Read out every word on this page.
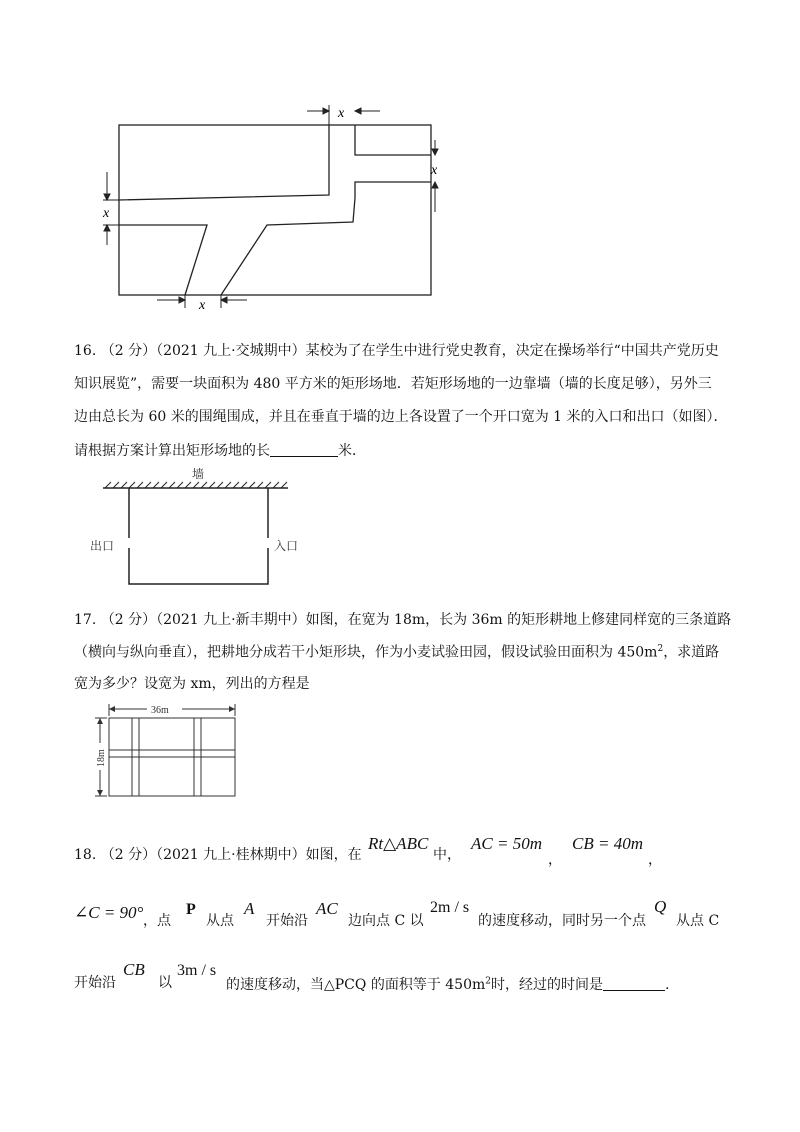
x
x
x
x
16. （2 分）（2021 九上·交城期中）某校为了在学生中进行党史教育，决定在操场举行“中国共产党历史
知识展览”，需要一块面积为 480 平方米的矩形场地．若矩形场地的一边靠墙（墙的长度足够），另外三
边由总长为 60 米的围绳围成，并且在垂直于墙的边上各设置了一个开口宽为 1 米的入口和出口（如图）．
请根据方案计算出矩形场地的长	米．
墙
出口	入口
17. （2 分）（2021 九上·新丰期中）如图，在宽为 18m，长为 36m 的矩形耕地上修建同样宽的三条道路
（横向与纵向垂直），把耕地分成若干小矩形块，作为小麦试验田园，假设试验田面积为 $450m^2$，求道路
宽为多少？设宽为 xm，列出的方程是
36m
18m
18. （2 分）（2021 九上·桂林期中）如图，在
Rt△ABC
中，
AC = 50m
，
CB = 40m
，
∠C = 90° ，点
P
从点
A
开始沿
AC
边向点 C 以
2m / s
的速度移动，同时另一个点
Q
从点 C
开始沿
CB
以
3m / s
的速度移动，当△PCQ 的面积等于 $450m^2$时，经过的时间是	.
